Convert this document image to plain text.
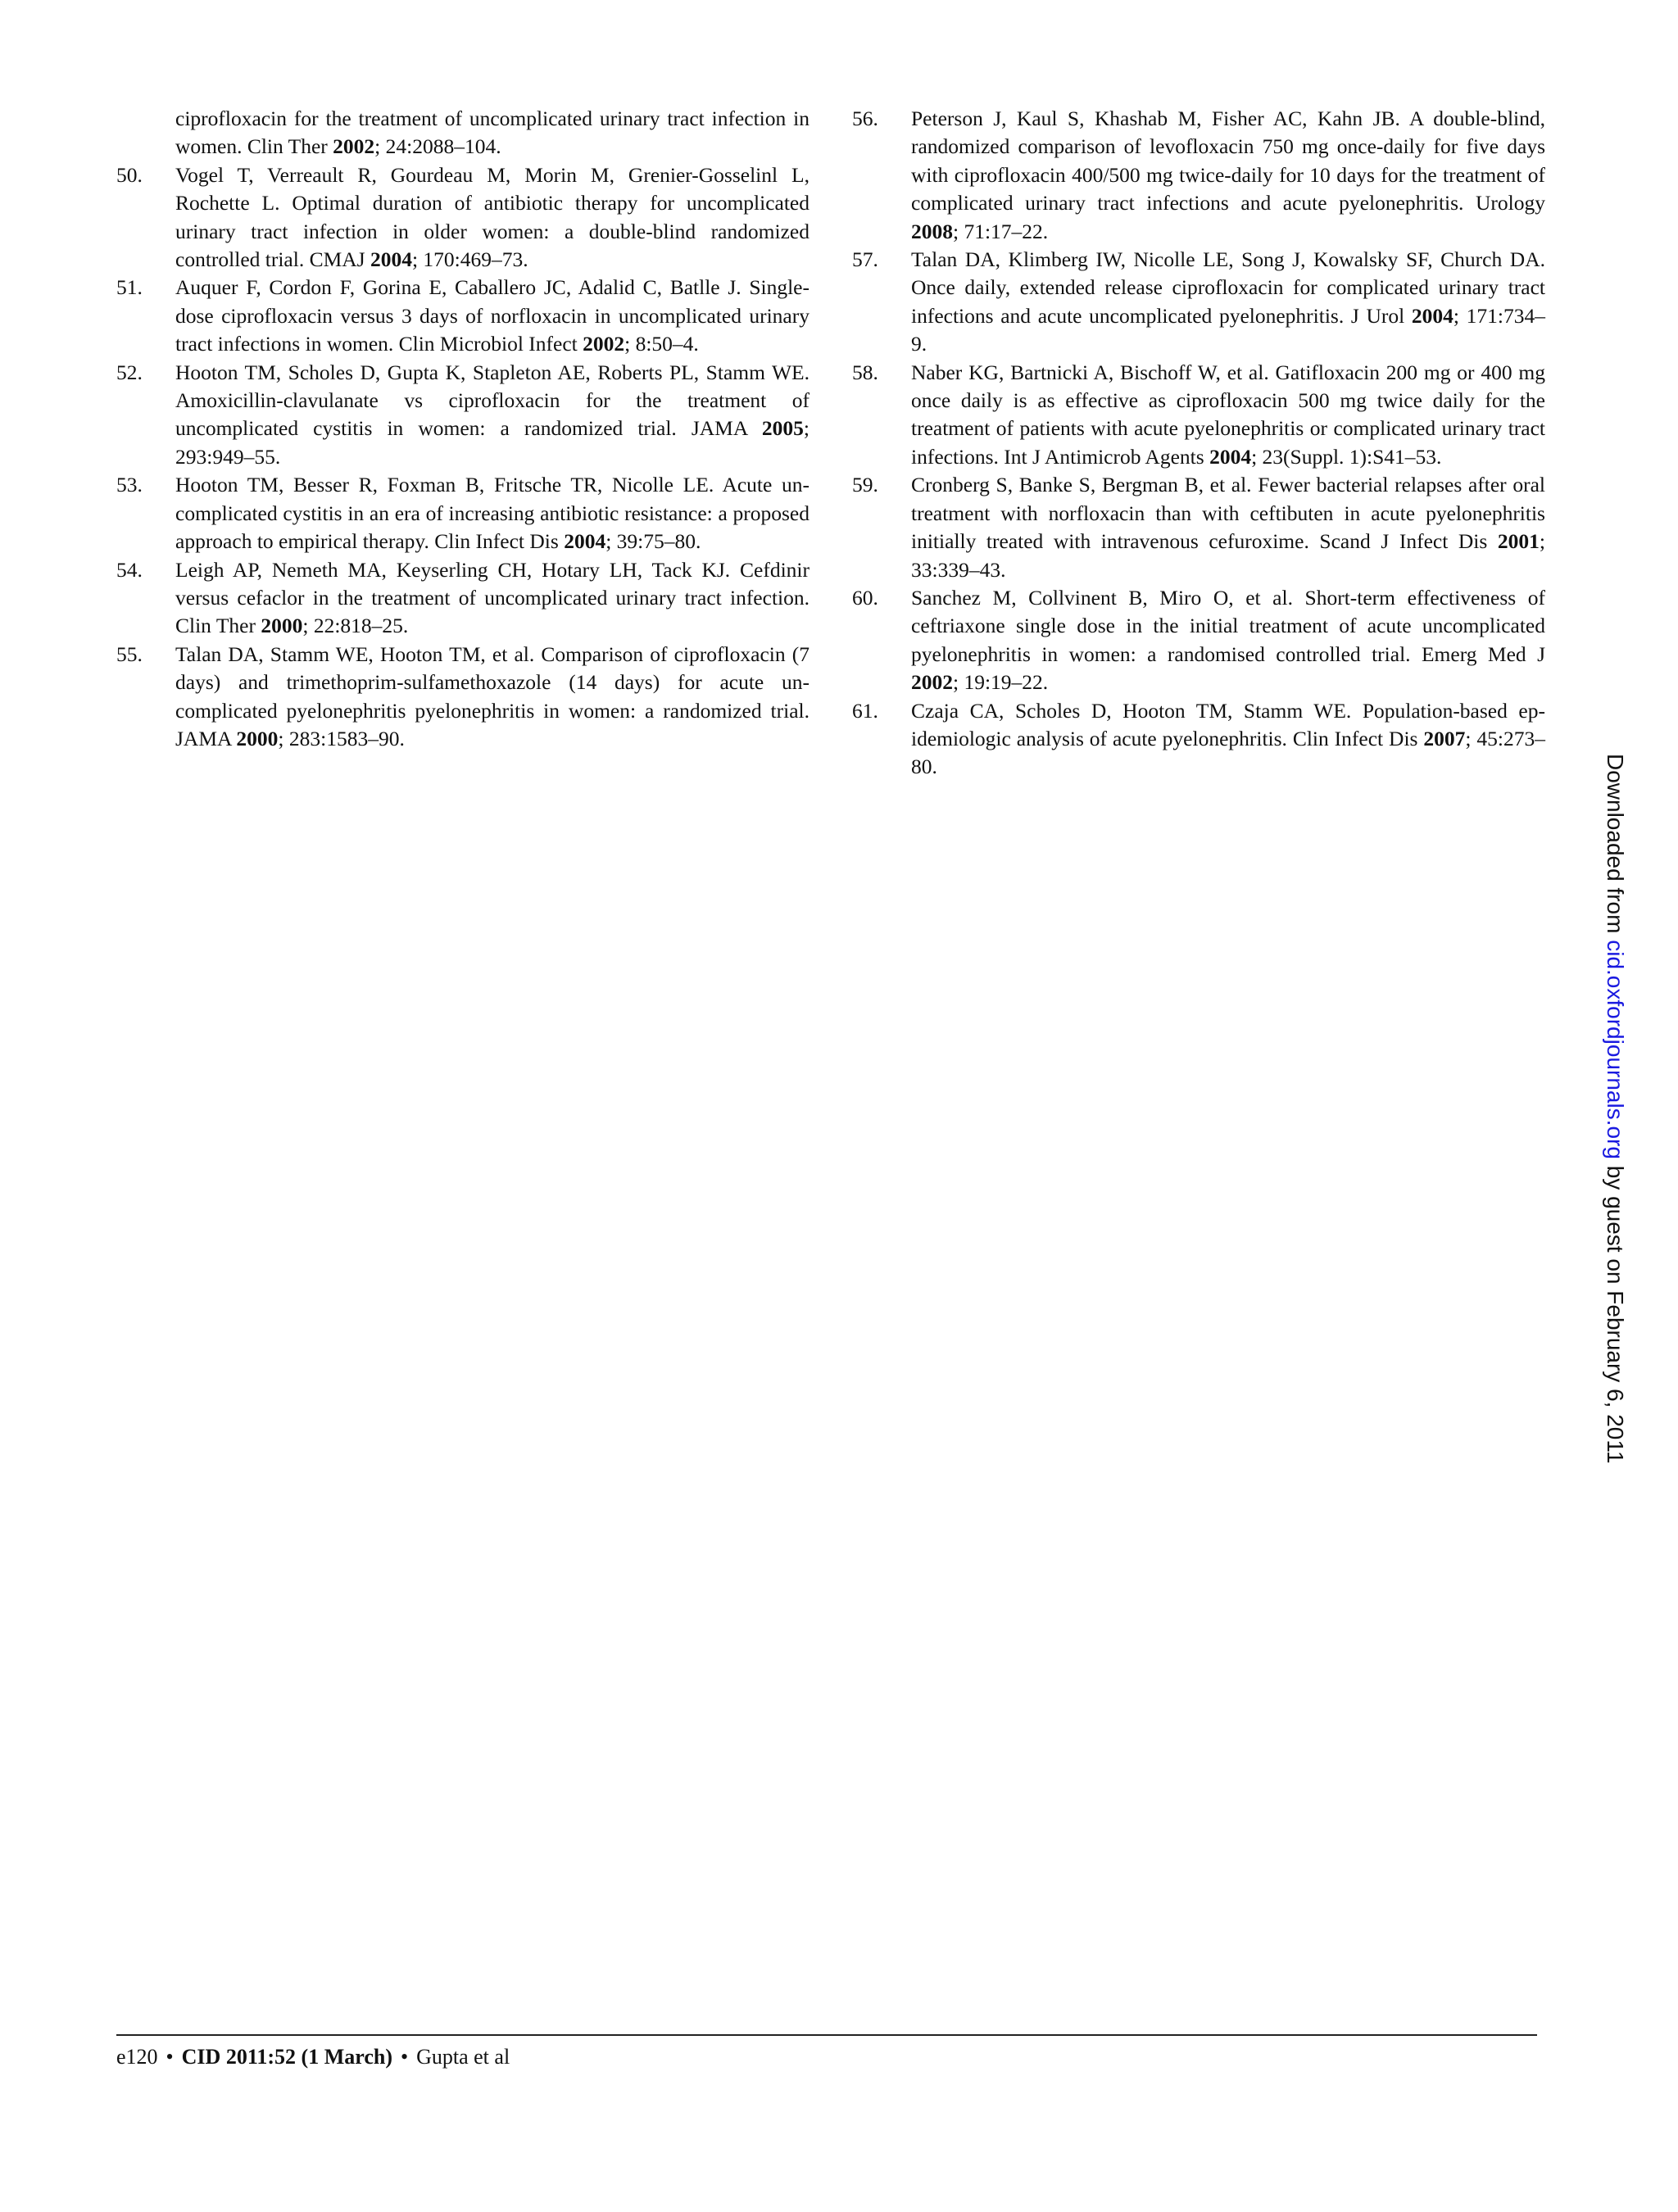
ciprofloxacin for the treatment of uncomplicated urinary tract infection in women. Clin Ther 2002; 24:2088–104.
50.	Vogel T, Verreault R, Gourdeau M, Morin M, Grenier-Gosselinl L, Rochette L. Optimal duration of antibiotic therapy for uncomplicated urinary tract infection in older women: a double-blind randomized controlled trial. CMAJ 2004; 170:469–73.
51.	Auquer F, Cordon F, Gorina E, Caballero JC, Adalid C, Batlle J. Single-dose ciprofloxacin versus 3 days of norfloxacin in uncomplicated urinary tract infections in women. Clin Microbiol Infect 2002; 8:50–4.
52.	Hooton TM, Scholes D, Gupta K, Stapleton AE, Roberts PL, Stamm WE. Amoxicillin-clavulanate vs ciprofloxacin for the treatment of uncomplicated cystitis in women: a randomized trial. JAMA 2005; 293:949–55.
53.	Hooton TM, Besser R, Foxman B, Fritsche TR, Nicolle LE. Acute uncomplicated cystitis in an era of increasing antibiotic resistance: a proposed approach to empirical therapy. Clin Infect Dis 2004; 39:75–80.
54.	Leigh AP, Nemeth MA, Keyserling CH, Hotary LH, Tack KJ. Cefdinir versus cefaclor in the treatment of uncomplicated urinary tract infection. Clin Ther 2000; 22:818–25.
55.	Talan DA, Stamm WE, Hooton TM, et al. Comparison of ciprofloxacin (7 days) and trimethoprim-sulfamethoxazole (14 days) for acute uncomplicated pyelonephritis pyelonephritis in women: a randomized trial. JAMA 2000; 283:1583–90.
56.	Peterson J, Kaul S, Khashab M, Fisher AC, Kahn JB. A double-blind, randomized comparison of levofloxacin 750 mg once-daily for five days with ciprofloxacin 400/500 mg twice-daily for 10 days for the treatment of complicated urinary tract infections and acute pyelonephritis. Urology 2008; 71:17–22.
57.	Talan DA, Klimberg IW, Nicolle LE, Song J, Kowalsky SF, Church DA. Once daily, extended release ciprofloxacin for complicated urinary tract infections and acute uncomplicated pyelonephritis. J Urol 2004; 171:734–9.
58.	Naber KG, Bartnicki A, Bischoff W, et al. Gatifloxacin 200 mg or 400 mg once daily is as effective as ciprofloxacin 500 mg twice daily for the treatment of patients with acute pyelonephritis or complicated urinary tract infections. Int J Antimicrob Agents 2004; 23(Suppl. 1):S41–53.
59.	Cronberg S, Banke S, Bergman B, et al. Fewer bacterial relapses after oral treatment with norfloxacin than with ceftibuten in acute pyelonephritis initially treated with intravenous cefuroxime. Scand J Infect Dis 2001; 33:339–43.
60.	Sanchez M, Collvinent B, Miro O, et al. Short-term effectiveness of ceftriaxone single dose in the initial treatment of acute uncomplicated pyelonephritis in women: a randomised controlled trial. Emerg Med J 2002; 19:19–22.
61.	Czaja CA, Scholes D, Hooton TM, Stamm WE. Population-based epidemiologic analysis of acute pyelonephritis. Clin Infect Dis 2007; 45:273–80.
e120 • CID 2011:52 (1 March) • Gupta et al
Downloaded from cid.oxfordjournals.org by guest on February 6, 2011
